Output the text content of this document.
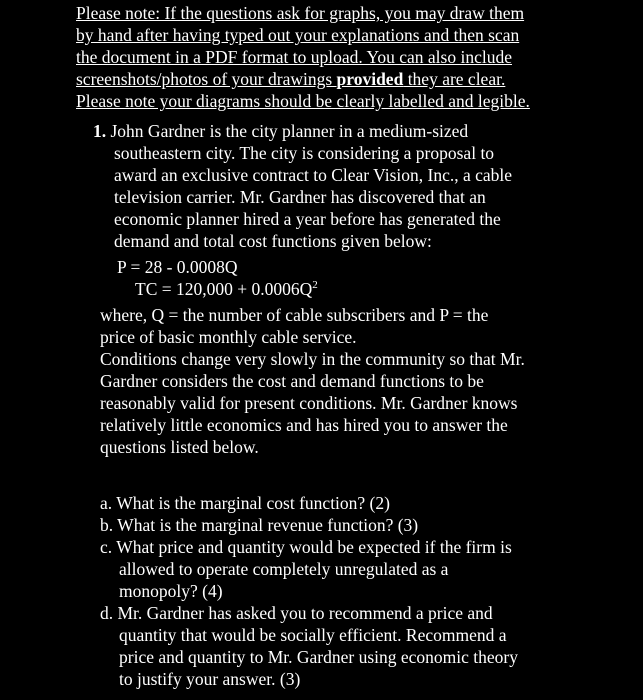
Please note: If the questions ask for graphs, you may draw them
by hand after having typed out your explanations and then scan
the document in a PDF format to upload. You can also include
screenshots/photos of your drawings provided they are clear.
Please note your diagrams should be clearly labelled and legible.
1. John Gardner is the city planner in a medium-sized
southeastern city. The city is considering a proposal to
award an exclusive contract to Clear Vision, Inc., a cable
television carrier. Mr. Gardner has discovered that an
economic planner hired a year before has generated the
demand and total cost functions given below:
P = 28 - 0.0008Q
TC = $120,000 + 0.0006Q^2$
where, Q = the number of cable subscribers and P = the
price of basic monthly cable service.
Conditions change very slowly in the community so that Mr.
Gardner considers the cost and demand functions to be
reasonably valid for present conditions. Mr. Gardner knows
relatively little economics and has hired you to answer the
questions listed below.
a. What is the marginal cost function? (2)
b. What is the marginal revenue function? (3)
c. What price and quantity would be expected if the firm is
allowed to operate completely unregulated as a
monopoly? (4)
d. Mr. Gardner has asked you to recommend a price and
quantity that would be socially efficient. Recommend a
price and quantity to Mr. Gardner using economic theory
to justify your answer. (3)
